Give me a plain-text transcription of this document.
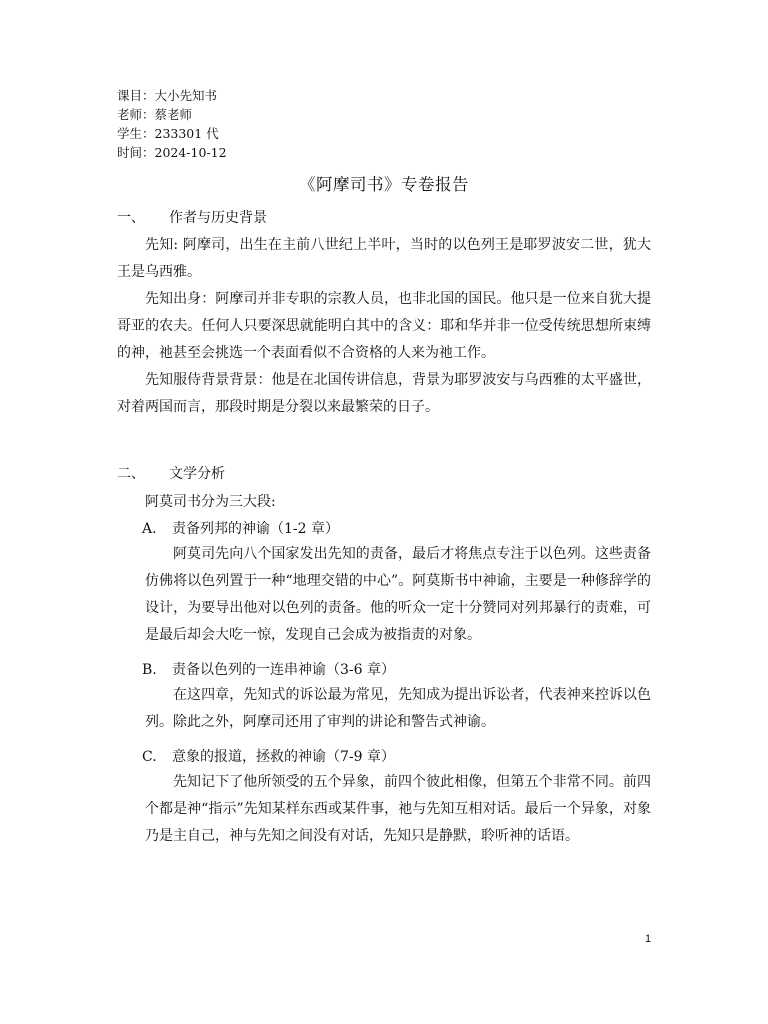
课目：大小先知书
老师：蔡老师
学生：233301 代
时间：2024-10-12
《阿摩司书》专卷报告
一、 作者与历史背景
先知: 阿摩司，出生在主前八世纪上半叶，当时的以色列王是耶罗波安二世，犹大王是乌西雅。
先知出身：阿摩司并非专职的宗教人员，也非北国的国民。他只是一位来自犹大提哥亚的农夫。任何人只要深思就能明白其中的含义：耶和华并非一位受传统思想所束缚的神，祂甚至会挑选一个表面看似不合资格的人来为祂工作。
先知服侍背景背景：他是在北国传讲信息，背景为耶罗波安与乌西雅的太平盛世，对着两国而言，那段时期是分裂以来最繁荣的日子。
二、 文学分析
阿莫司书分为三大段:
A. 责备列邦的神谕（1-2 章）
阿莫司先向八个国家发出先知的责备，最后才将焦点专注于以色列。这些责备仿佛将以色列置于一种“地理交错的中心”。阿莫斯书中神谕，主要是一种修辞学的设计，为要导出他对以色列的责备。他的听众一定十分赞同对列邦暴行的责难，可是最后却会大吃一惊，发现自己会成为被指责的对象。
B. 责备以色列的一连串神谕（3-6 章）
在这四章，先知式的诉讼最为常见，先知成为提出诉讼者，代表神来控诉以色列。除此之外，阿摩司还用了审判的讲论和警告式神谕。
C. 意象的报道，拯救的神谕（7-9 章）
先知记下了他所领受的五个异象，前四个彼此相像，但第五个非常不同。前四个都是神“指示”先知某样东西或某件事，祂与先知互相对话。最后一个异象，对象乃是主自己，神与先知之间没有对话，先知只是静默，聆听神的话语。
1
